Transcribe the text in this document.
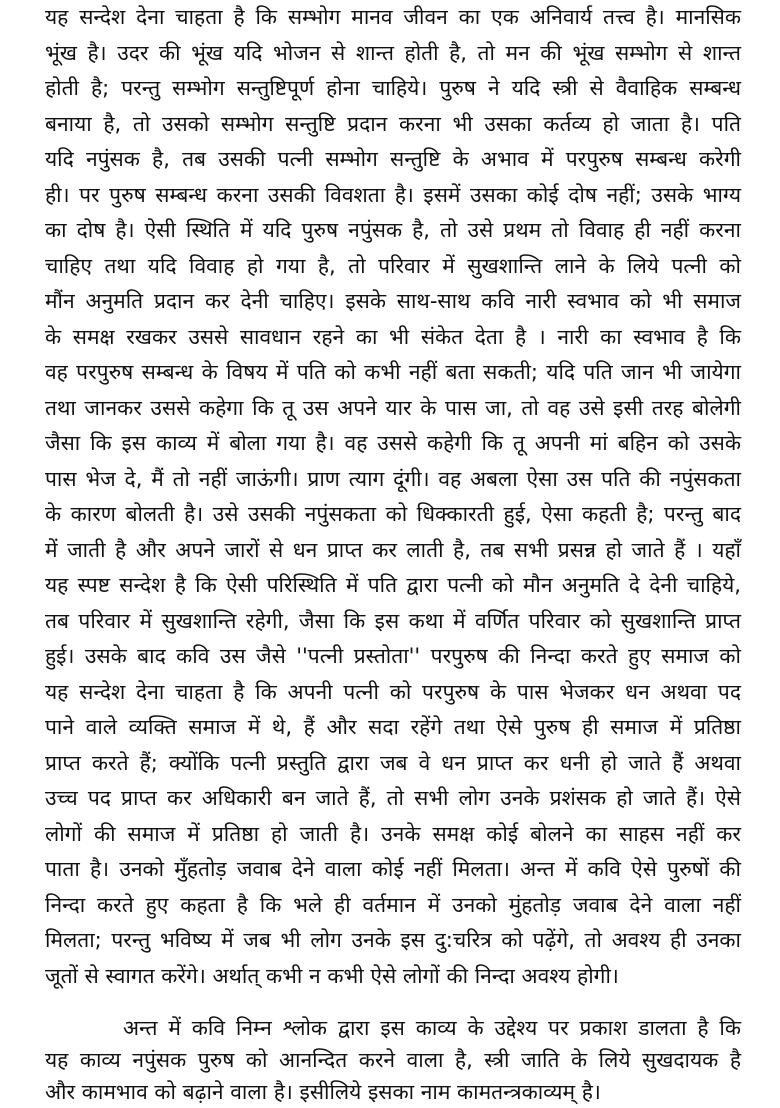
यह सन्देश देना चाहता है कि सम्भोग मानव जीवन का एक अनिवार्य तत्त्व है। मानसिक
भूंख है। उदर की भूंख यदि भोजन से शान्त होती है, तो मन की भूंख सम्भोग से शान्त
होती है; परन्तु सम्भोग सन्तुष्टिपूर्ण होना चाहिये। पुरुष ने यदि स्त्री से वैवाहिक सम्बन्ध
बनाया है, तो उसको सम्भोग सन्तुष्टि प्रदान करना भी उसका कर्तव्य हो जाता है। पति
यदि नपुंसक है, तब उसकी पत्नी सम्भोग सन्तुष्टि के अभाव में परपुरुष सम्बन्ध करेगी
ही। पर पुरुष सम्बन्ध करना उसकी विवशता है। इसमें उसका कोई दोष नहीं; उसके भाग्य
का दोष है। ऐसी स्थिति में यदि पुरुष नपुंसक है, तो उसे प्रथम तो विवाह ही नहीं करना
चाहिए तथा यदि विवाह हो गया है, तो परिवार में सुखशान्ति लाने के लिये पत्नी को
मौंन अनुमति प्रदान कर देनी चाहिए। इसके साथ-साथ कवि नारी स्वभाव को भी समाज
के समक्ष रखकर उससे सावधान रहने का भी संकेत देता है । नारी का स्वभाव है कि
वह परपुरुष सम्बन्ध के विषय में पति को कभी नहीं बता सकती; यदि पति जान भी जायेगा
तथा जानकर उससे कहेगा कि तू उस अपने यार के पास जा, तो वह उसे इसी तरह बोलेगी
जैसा कि इस काव्य में बोला गया है। वह उससे कहेगी कि तू अपनी मां बहिन को उसके
पास भेज दे, मैं तो नहीं जाऊंगी। प्राण त्याग दूंगी। वह अबला ऐसा उस पति की नपुंसकता
के कारण बोलती है। उसे उसकी नपुंसकता को धिक्कारती हुई, ऐसा कहती है; परन्तु बाद
में जाती है और अपने जारों से धन प्राप्त कर लाती है, तब सभी प्रसन्न हो जाते हैं । यहाँ
यह स्पष्ट सन्देश है कि ऐसी परिस्थिति में पति द्वारा पत्नी को मौन अनुमति दे देनी चाहिये,
तब परिवार में सुखशान्ति रहेगी, जैसा कि इस कथा में वर्णित परिवार को सुखशान्ति प्राप्त
हुई। उसके बाद कवि उस जैसे ''पत्नी प्रस्तोता'' परपुरुष की निन्दा करते हुए समाज को
यह सन्देश देना चाहता है कि अपनी पत्नी को परपुरुष के पास भेजकर धन अथवा पद
पाने वाले व्यक्ति समाज में थे, हैं और सदा रहेंगे तथा ऐसे पुरुष ही समाज में प्रतिष्ठा
प्राप्त करते हैं; क्योंकि पत्नी प्रस्तुति द्वारा जब वे धन प्राप्त कर धनी हो जाते हैं अथवा
उच्च पद प्राप्त कर अधिकारी बन जाते हैं, तो सभी लोग उनके प्रशंसक हो जाते हैं। ऐसे
लोगों की समाज में प्रतिष्ठा हो जाती है। उनके समक्ष कोई बोलने का साहस नहीं कर
पाता है। उनको मुँहतोड़ जवाब देने वाला कोई नहीं मिलता। अन्त में कवि ऐसे पुरुषों की
निन्दा करते हुए कहता है कि भले ही वर्तमान में उनको मुंहतोड़ जवाब देने वाला नहीं
मिलता; परन्तु भविष्य में जब भी लोग उनके इस दु:चरित्र को पढ़ेंगे, तो अवश्य ही उनका
जूतों से स्वागत करेंगे। अर्थात् कभी न कभी ऐसे लोगों की निन्दा अवश्य होगी।
अन्त में कवि निम्न श्लोक द्वारा इस काव्य के उद्देश्य पर प्रकाश डालता है कि
यह काव्य नपुंसक पुरुष को आनन्दित करने वाला है, स्त्री जाति के लिये सुखदायक है
और कामभाव को बढ़ाने वाला है। इसीलिये इसका नाम कामतन्त्रकाव्यम् है।
